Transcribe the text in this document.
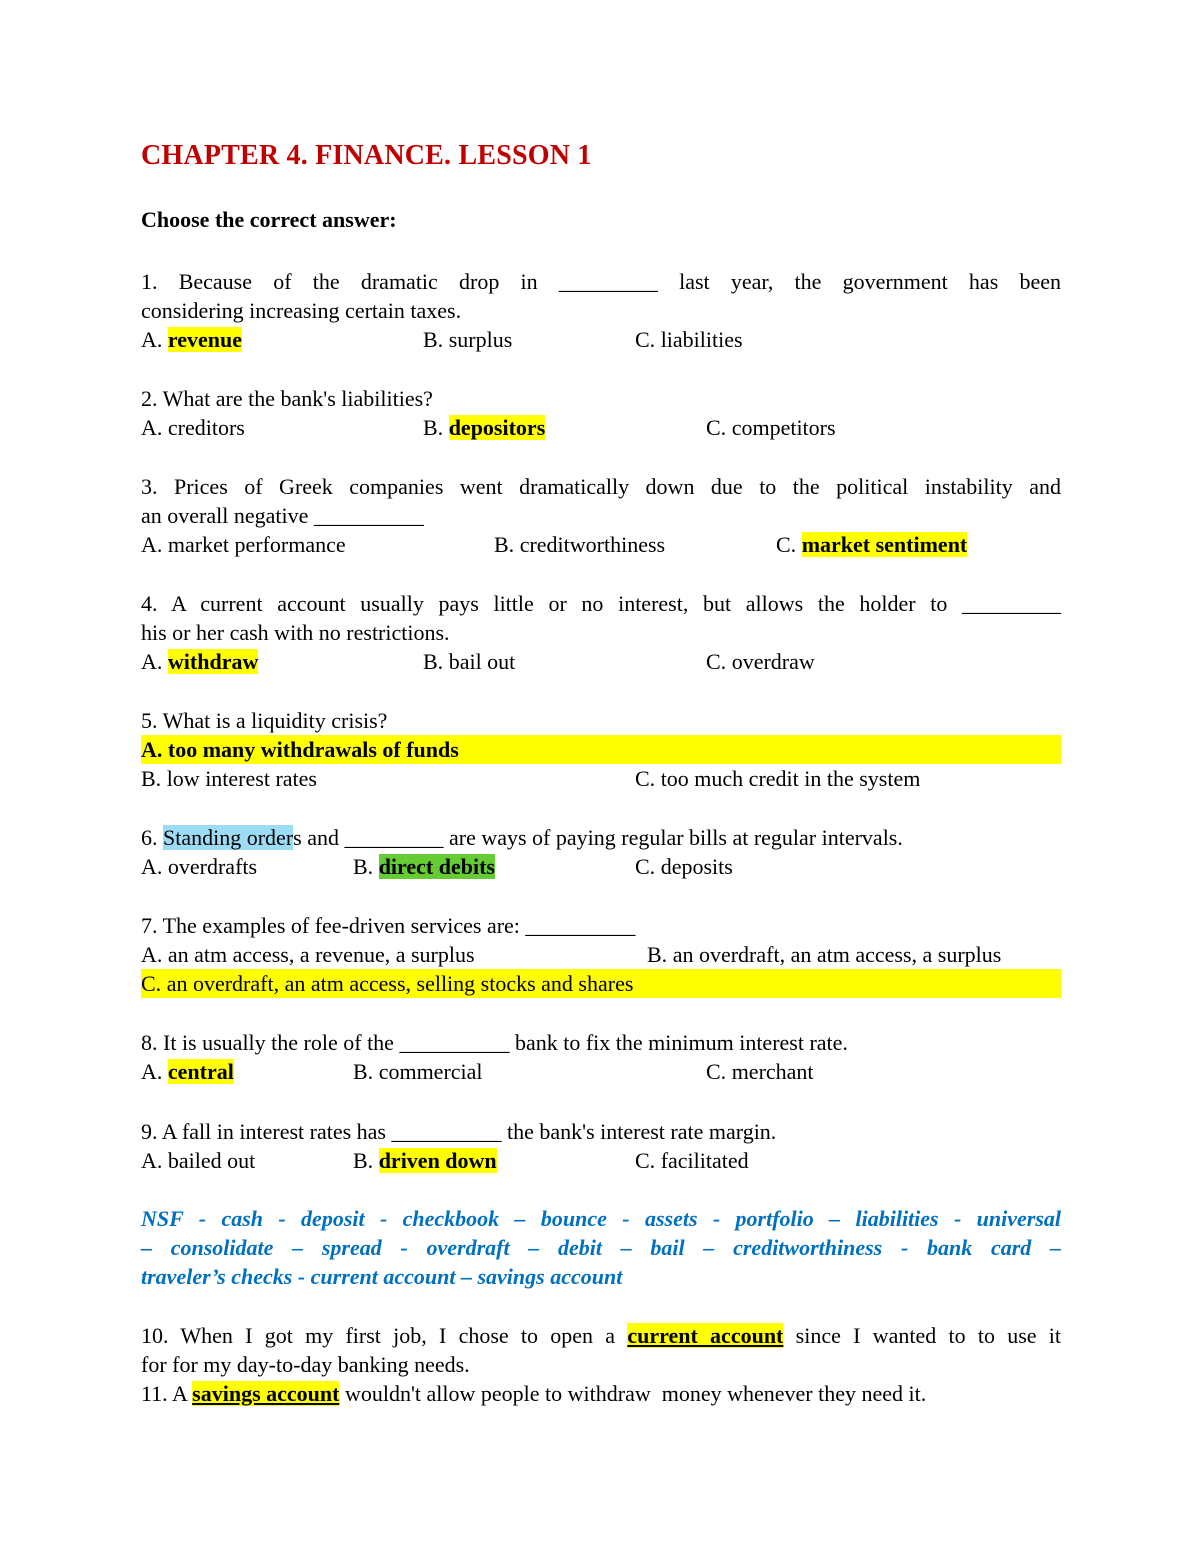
CHAPTER 4. FINANCE. LESSON 1
Choose the correct answer:
1. Because of the dramatic drop in _________ last year, the government has been
considering increasing certain taxes.
A. revenue	B. surplus	C. liabilities
2. What are the bank's liabilities?
A. creditors	B. depositors	C. competitors
3. Prices of Greek companies went dramatically down due to the political instability and
an overall negative __________
A. market performance	B. creditworthiness	C. market sentiment
4. A current account usually pays little or no interest, but allows the holder to _________
his or her cash with no restrictions.
A. withdraw	B. bail out	C. overdraw
5. What is a liquidity crisis?
A. too many withdrawals of funds
B. low interest rates	C. too much credit in the system
6. Standing orders and _________ are ways of paying regular bills at regular intervals.
A. overdrafts	B. direct debits	C. deposits
7. The examples of fee-driven services are: __________
A. an atm access, a revenue, a surplus	B. an overdraft, an atm access, a surplus
C. an overdraft, an atm access, selling stocks and shares
8. It is usually the role of the __________ bank to fix the minimum interest rate.
A. central	B. commercial	C. merchant
9. A fall in interest rates has __________ the bank's interest rate margin.
A. bailed out	B. driven down	C. facilitated
NSF - cash - deposit - checkbook – bounce - assets - portfolio – liabilities - universal
– consolidate – spread - overdraft – debit – bail – creditworthiness - bank card –
traveler’s checks - current account – savings account
10. When I got my first job, I chose to open a current account since I wanted to to use it
for for my day-to-day banking needs.
11. A savings account wouldn't allow people to withdraw  money whenever they need it.
